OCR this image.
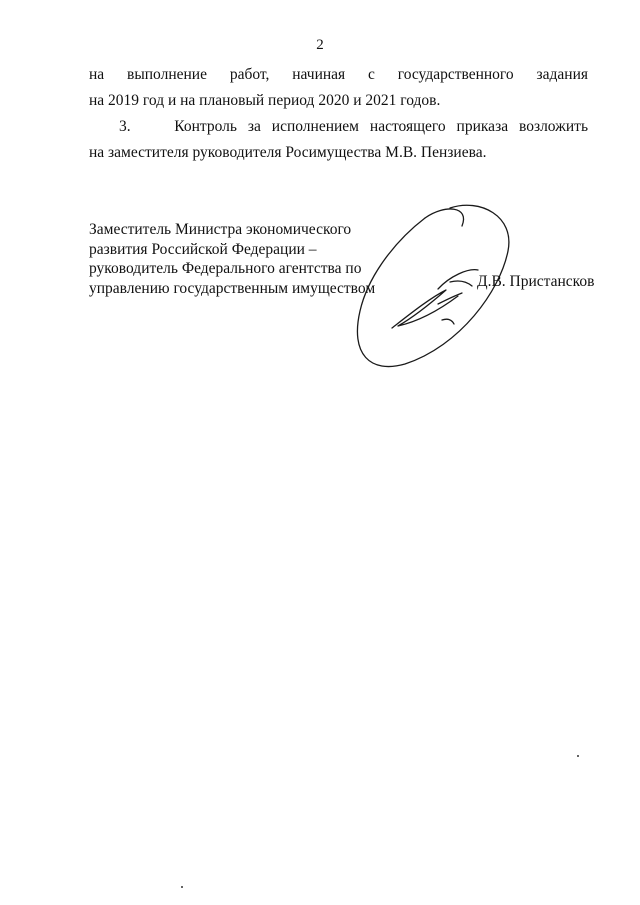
2
на выполнение работ, начиная с государственного задания
на 2019 год и на плановый период 2020 и 2021 годов.
3.	Контроль за исполнением настоящего приказа возложить
на заместителя руководителя Росимущества М.В. Пензиева.
Заместитель Министра экономического
развития Российской Федерации –
руководитель Федерального агентства по
управлению государственным имуществом	Д.В. Пристансков
